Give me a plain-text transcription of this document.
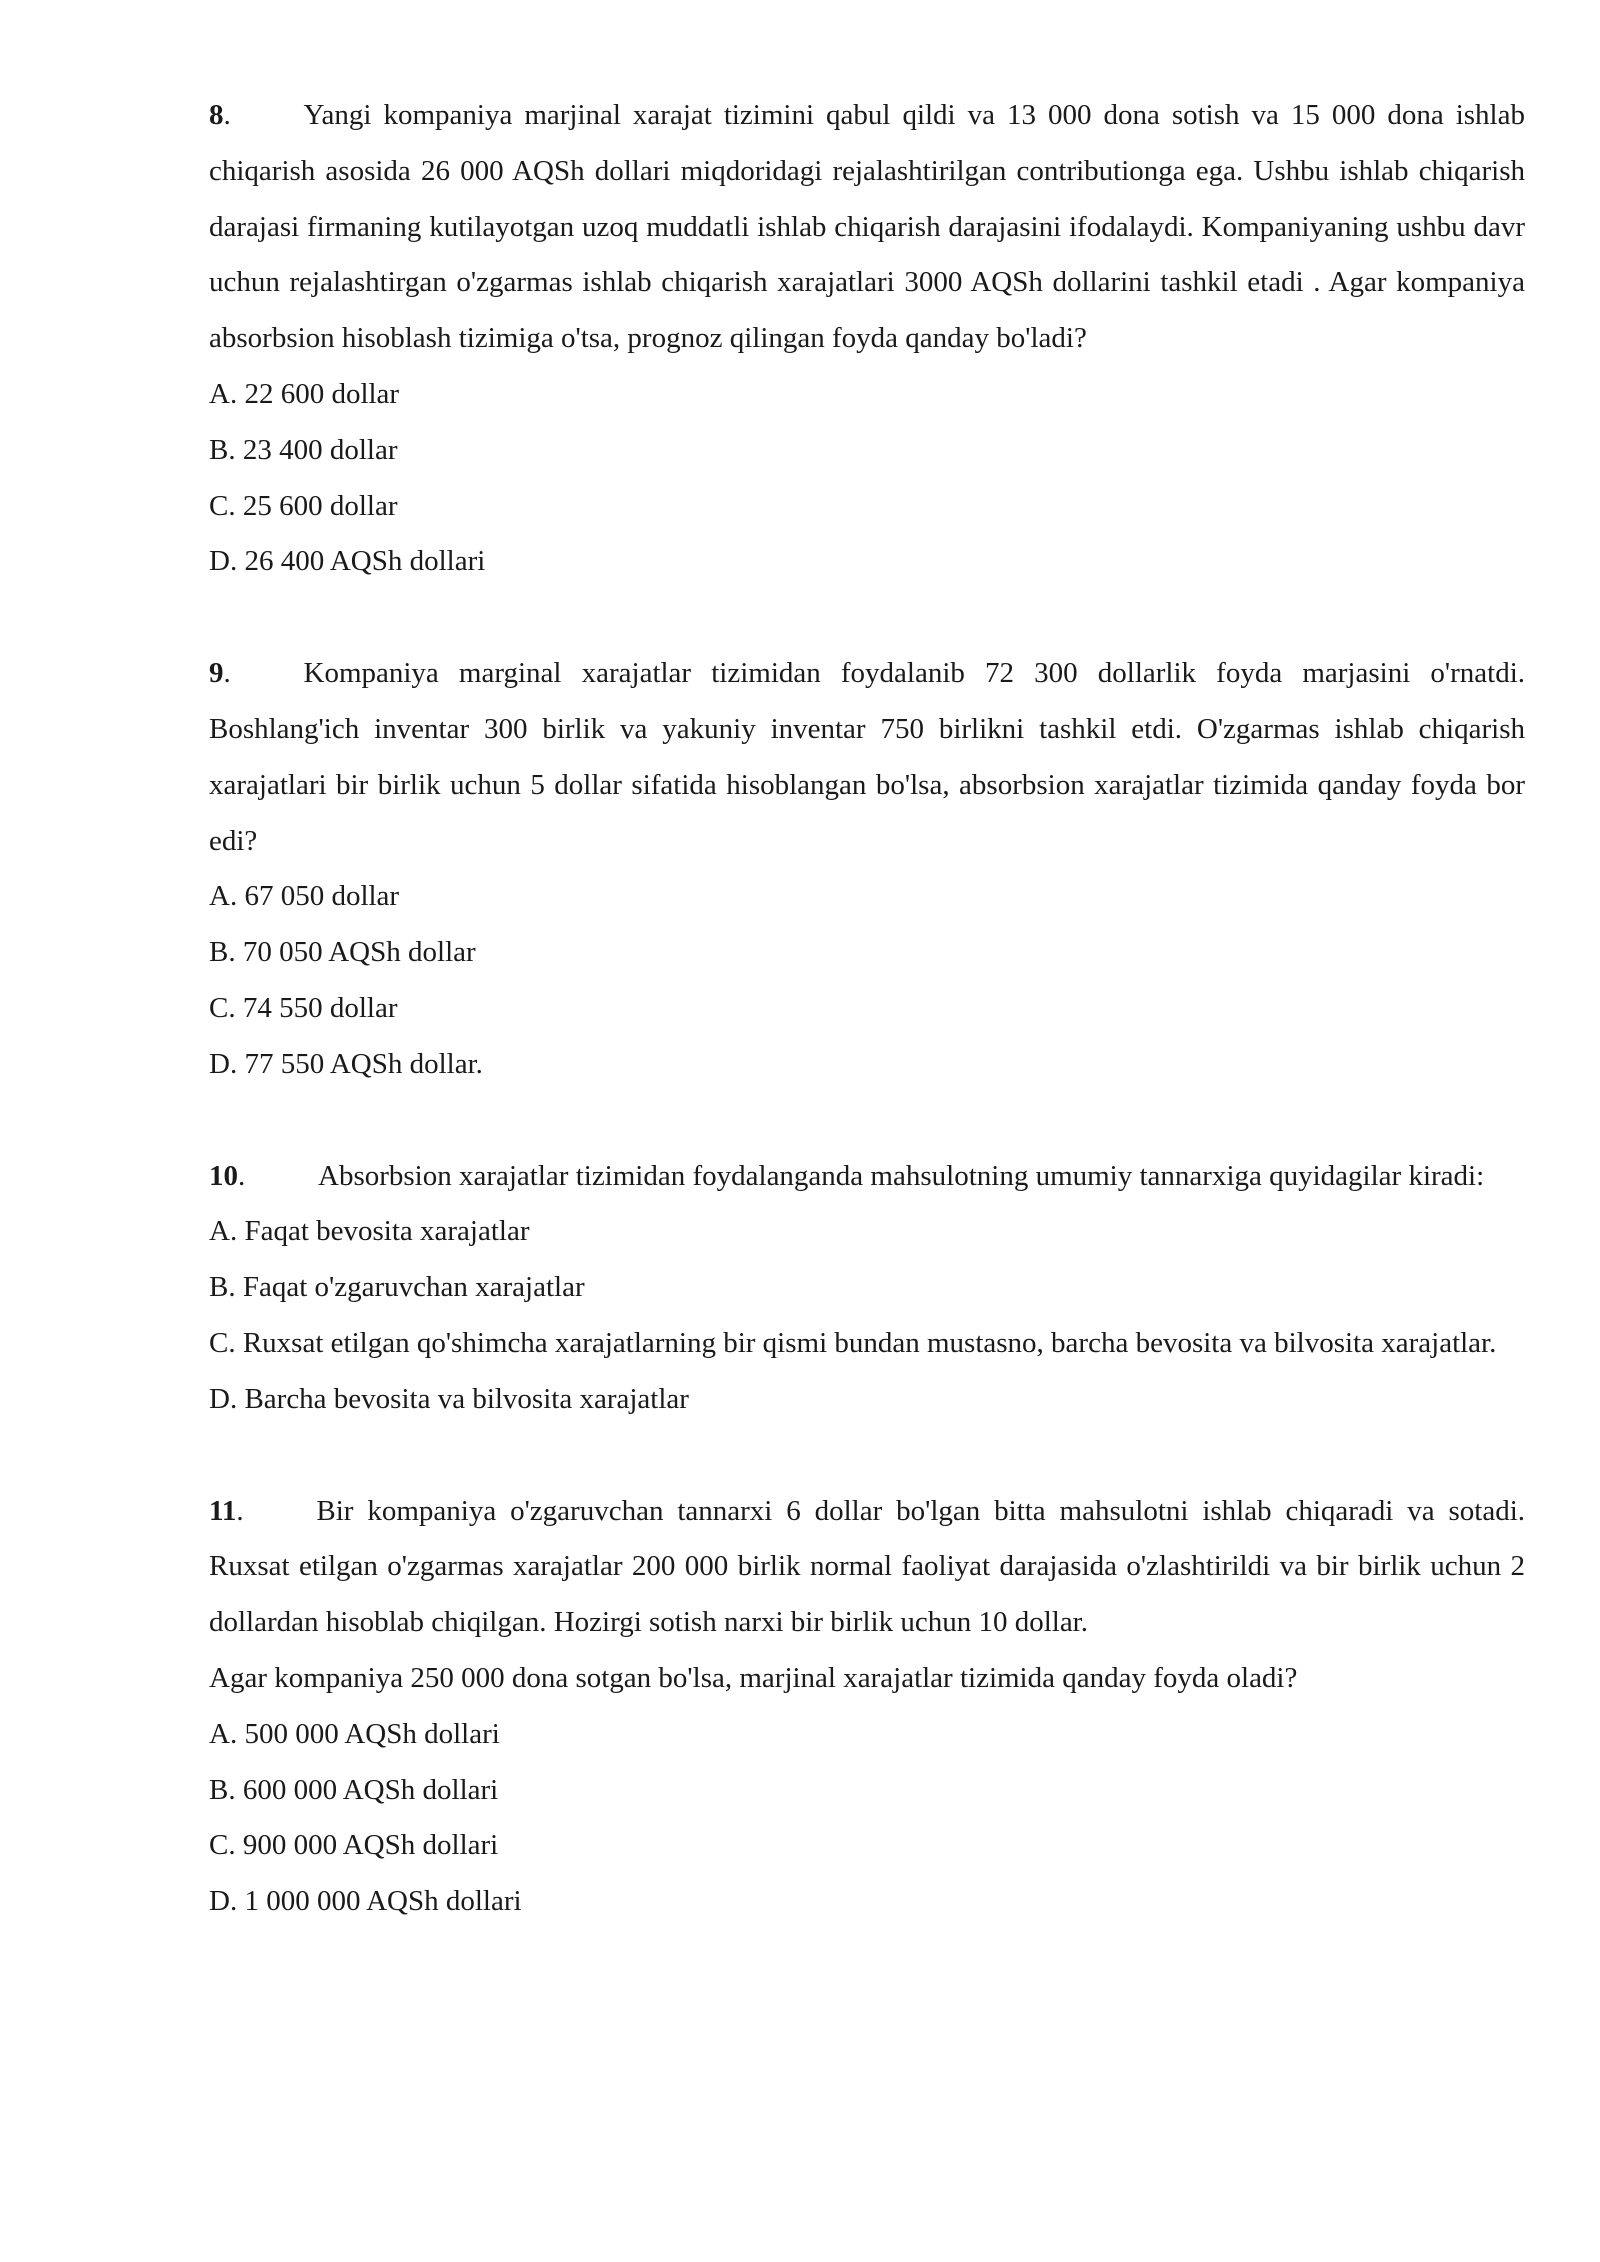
8.	Yangi kompaniya marjinal xarajat tizimini qabul qildi va 13 000 dona sotish va 15 000 dona ishlab chiqarish asosida 26 000 AQSh dollari miqdoridagi rejalashtirilgan contributionga ega. Ushbu ishlab chiqarish darajasi firmaning kutilayotgan uzoq muddatli ishlab chiqarish darajasini ifodalaydi. Kompaniyaning ushbu davr uchun rejalashtirgan o'zgarmas ishlab chiqarish xarajatlari 3000 AQSh dollarini tashkil etadi . Agar kompaniya absorbsion hisoblash tizimiga o'tsa, prognoz qilingan foyda qanday bo'ladi?

A. 22 600 dollar
B. 23 400 dollar
C. 25 600 dollar
D. 26 400 AQSh dollari

9.	Kompaniya marginal xarajatlar tizimidan foydalanib 72 300 dollarlik foyda marjasini o'rnatdi. Boshlang'ich inventar 300 birlik va yakuniy inventar 750 birlikni tashkil etdi. O'zgarmas ishlab chiqarish xarajatlari bir birlik uchun 5 dollar sifatida hisoblangan bo'lsa, absorbsion xarajatlar tizimida qanday foyda bor edi?

A. 67 050 dollar
B. 70 050 AQSh dollar
C. 74 550 dollar
D. 77 550 AQSh dollar.

10.	Absorbsion xarajatlar tizimidan foydalanganda mahsulotning umumiy tannarxiga quyidagilar kiradi:

A. Faqat bevosita xarajatlar
B. Faqat o'zgaruvchan xarajatlar
C. Ruxsat etilgan qo'shimcha xarajatlarning bir qismi bundan mustasno, barcha bevosita va bilvosita xarajatlar.
D. Barcha bevosita va bilvosita xarajatlar

11.	Bir kompaniya o'zgaruvchan tannarxi 6 dollar bo'lgan bitta mahsulotni ishlab chiqaradi va sotadi. Ruxsat etilgan o'zgarmas xarajatlar 200 000 birlik normal faoliyat darajasida o'zlashtirildi va bir birlik uchun 2 dollardan hisoblab chiqilgan. Hozirgi sotish narxi bir birlik uchun 10 dollar.

Agar kompaniya 250 000 dona sotgan bo'lsa, marjinal xarajatlar tizimida qanday foyda oladi?

A. 500 000 AQSh dollari
B. 600 000 AQSh dollari
C. 900 000 AQSh dollari
D. 1 000 000 AQSh dollari
